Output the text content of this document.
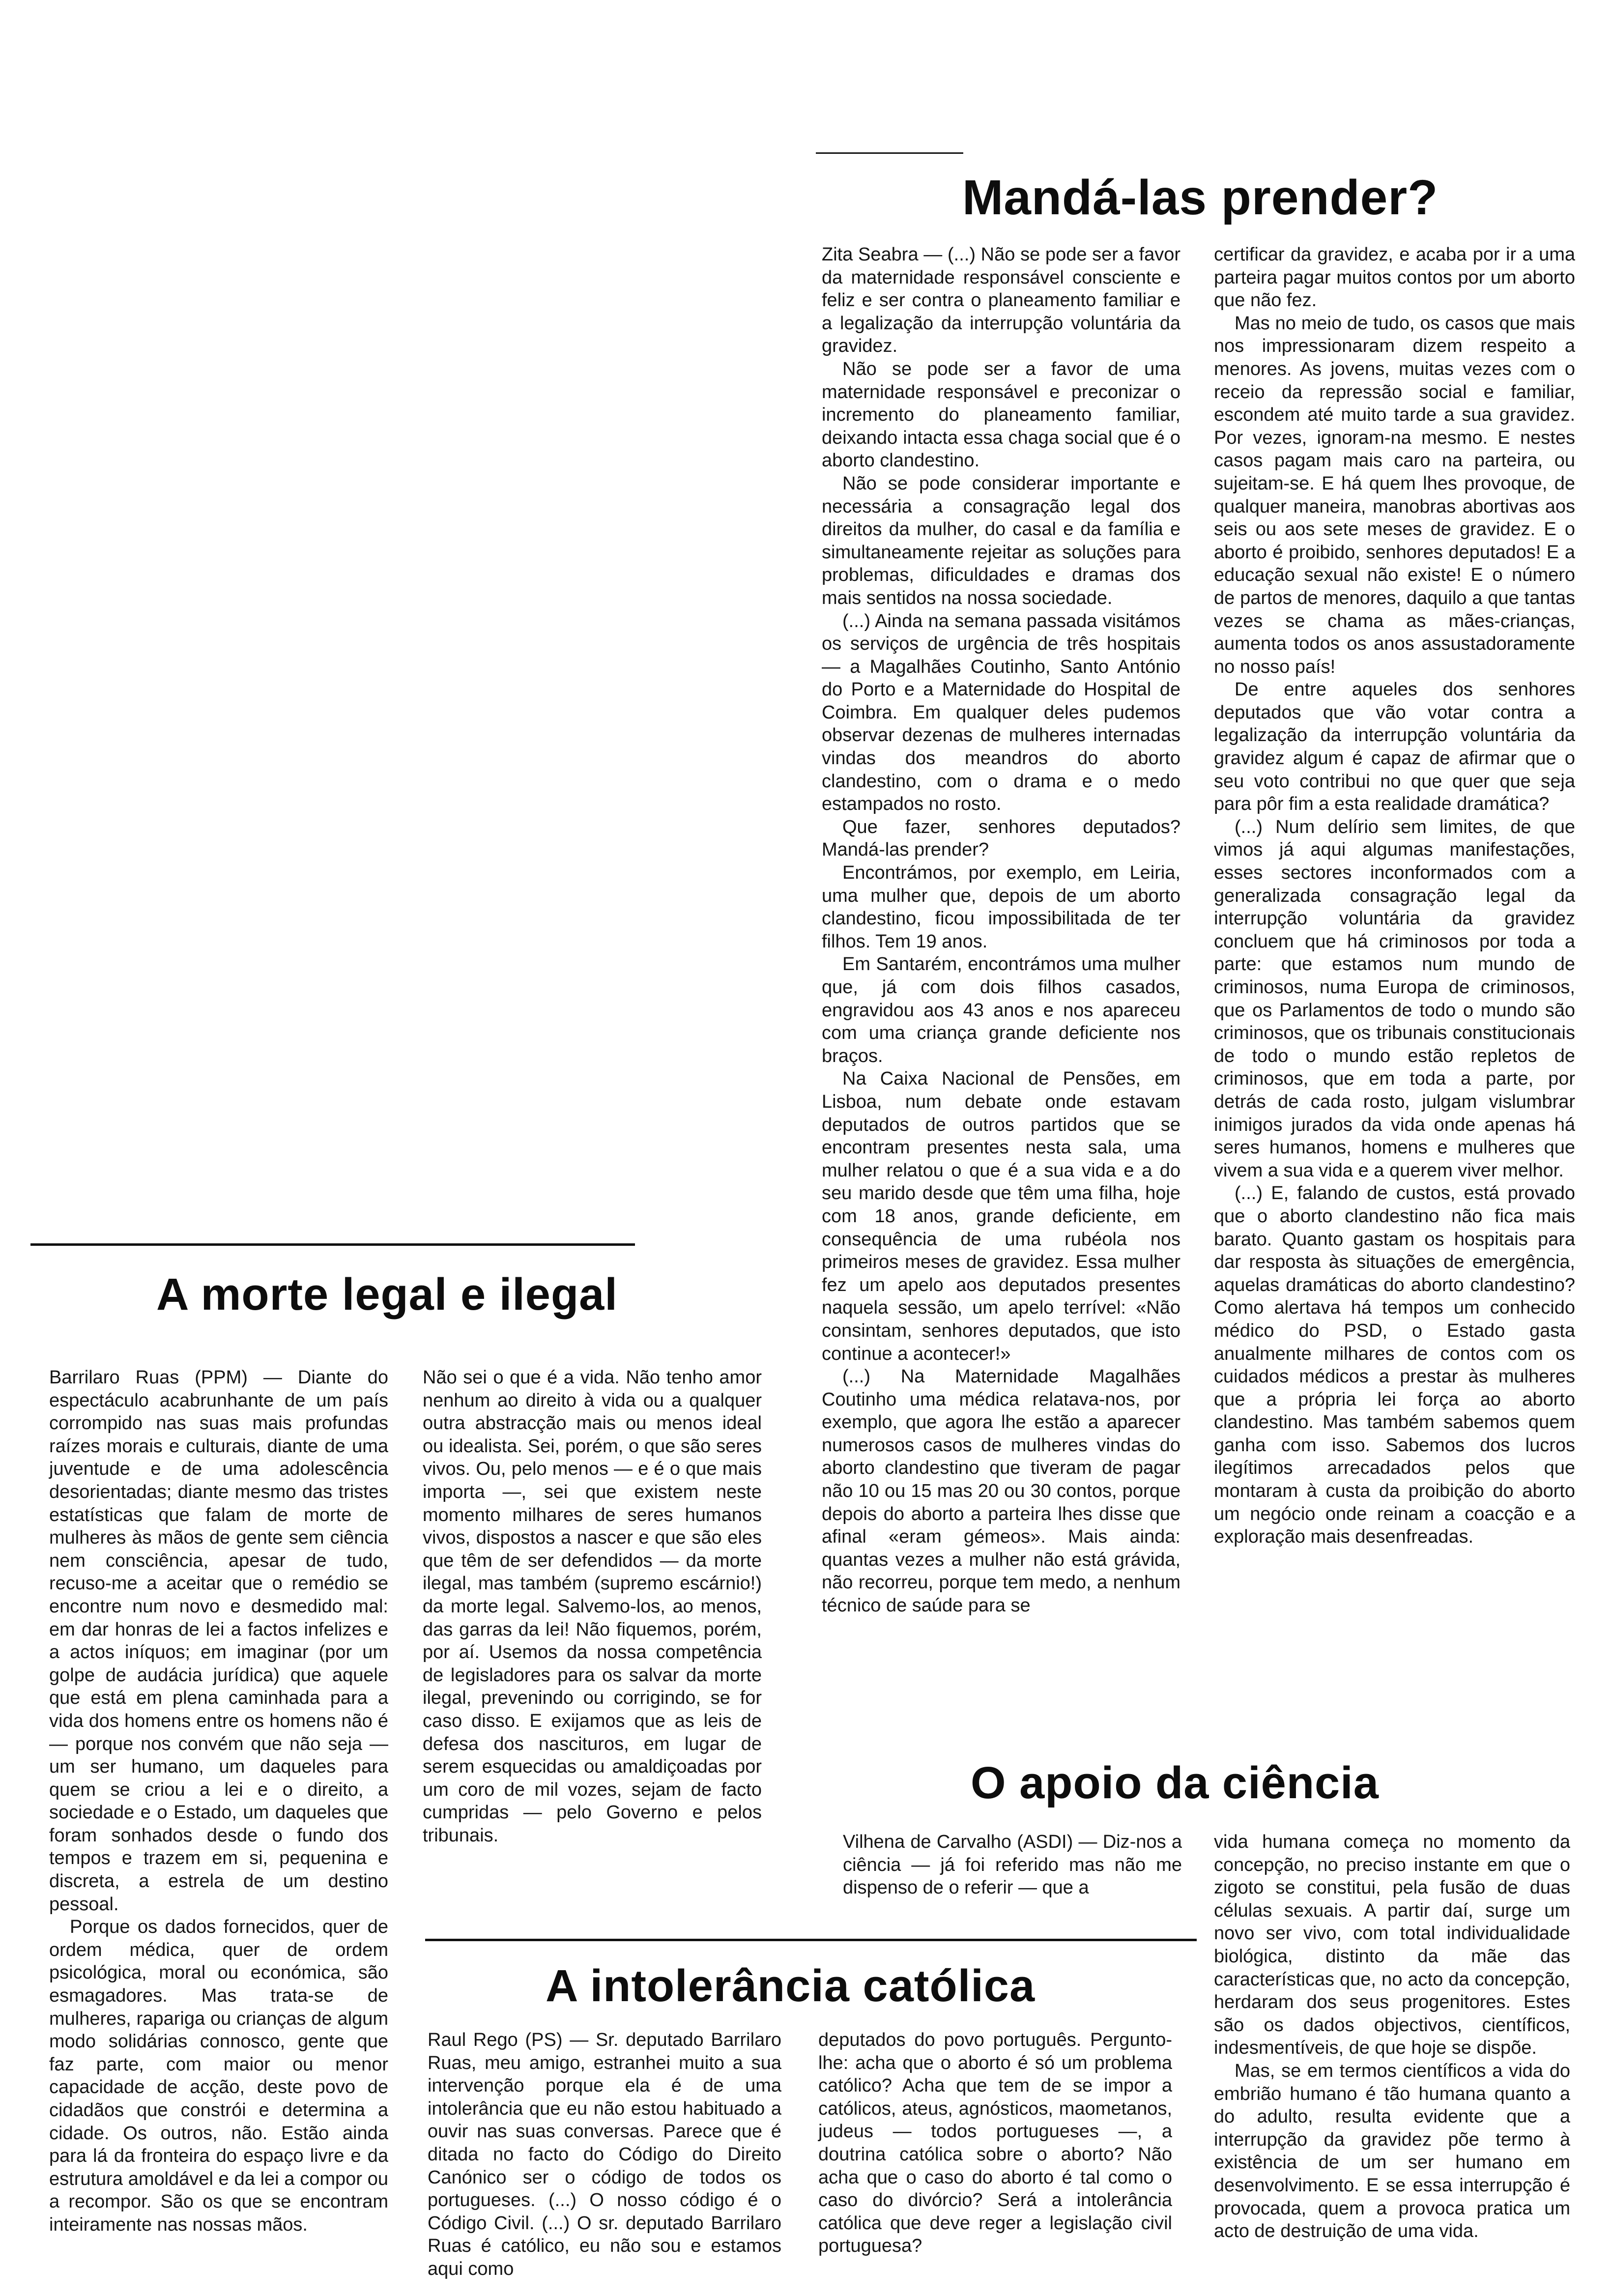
Mandá-las prender?

Zita Seabra — (...) Não se pode ser a favor da maternidade responsável consciente e feliz e ser contra o planeamento familiar e a legalização da interrupção voluntária da gravidez.

Não se pode ser a favor de uma maternidade responsável e preconizar o incremento do planeamento familiar, deixando intacta essa chaga social que é o aborto clandestino.

Não se pode considerar importante e necessária a consagração legal dos direitos da mulher, do casal e da família e simultaneamente rejeitar as soluções para problemas, dificuldades e dramas dos mais sentidos na nossa sociedade.

(...) Ainda na semana passada visitámos os serviços de urgência de três hospitais — a Magalhães Coutinho, Santo António do Porto e a Maternidade do Hospital de Coimbra. Em qualquer deles pudemos observar dezenas de mulheres internadas vindas dos meandros do aborto clandestino, com o drama e o medo estampados no rosto.

Que fazer, senhores deputados? Mandá-las prender?

Encontrámos, por exemplo, em Leiria, uma mulher que, depois de um aborto clandestino, ficou impossibilitada de ter filhos. Tem 19 anos.

Em Santarém, encontrámos uma mulher que, já com dois filhos casados, engravidou aos 43 anos e nos apareceu com uma criança grande deficiente nos braços.

Na Caixa Nacional de Pensões, em Lisboa, num debate onde estavam deputados de outros partidos que se encontram presentes nesta sala, uma mulher relatou o que é a sua vida e a do seu marido desde que têm uma filha, hoje com 18 anos, grande deficiente, em consequência de uma rubéola nos primeiros meses de gravidez. Essa mulher fez um apelo aos deputados presentes naquela sessão, um apelo terrível: «Não consintam, senhores deputados, que isto continue a acontecer!»

(...) Na Maternidade Magalhães Coutinho uma médica relatava-nos, por exemplo, que agora lhe estão a aparecer numerosos casos de mulheres vindas do aborto clandestino que tiveram de pagar não 10 ou 15 mas 20 ou 30 contos, porque depois do aborto a parteira lhes disse que afinal «eram gémeos». Mais ainda: quantas vezes a mulher não está grávida, não recorreu, porque tem medo, a nenhum técnico de saúde para se

certificar da gravidez, e acaba por ir a uma parteira pagar muitos contos por um aborto que não fez.

Mas no meio de tudo, os casos que mais nos impressionaram dizem respeito a menores. As jovens, muitas vezes com o receio da repressão social e familiar, escondem até muito tarde a sua gravidez. Por vezes, ignoram-na mesmo. E nestes casos pagam mais caro na parteira, ou sujeitam-se. E há quem lhes provoque, de qualquer maneira, manobras abortivas aos seis ou aos sete meses de gravidez. E o aborto é proibido, senhores deputados! E a educação sexual não existe! E o número de partos de menores, daquilo a que tantas vezes se chama as mães-crianças, aumenta todos os anos assustadoramente no nosso país!

De entre aqueles dos senhores deputados que vão votar contra a legalização da interrupção voluntária da gravidez algum é capaz de afirmar que o seu voto contribui no que quer que seja para pôr fim a esta realidade dramática?

(...) Num delírio sem limites, de que vimos já aqui algumas manifestações, esses sectores inconformados com a generalizada consagração legal da interrupção voluntária da gravidez concluem que há criminosos por toda a parte: que estamos num mundo de criminosos, numa Europa de criminosos, que os Parlamentos de todo o mundo são criminosos, que os tribunais constitucionais de todo o mundo estão repletos de criminosos, que em toda a parte, por detrás de cada rosto, julgam vislumbrar inimigos jurados da vida onde apenas há seres humanos, homens e mulheres que vivem a sua vida e a querem viver melhor.

(...) E, falando de custos, está provado que o aborto clandestino não fica mais barato. Quanto gastam os hospitais para dar resposta às situações de emergência, aquelas dramáticas do aborto clandestino? Como alertava há tempos um conhecido médico do PSD, o Estado gasta anualmente milhares de contos com os cuidados médicos a prestar às mulheres que a própria lei força ao aborto clandestino. Mas também sabemos quem ganha com isso. Sabemos dos lucros ilegítimos arrecadados pelos que montaram à custa da proibição do aborto um negócio onde reinam a coacção e a exploração mais desenfreadas.

A morte legal e ilegal

Barrilaro Ruas (PPM) — Diante do espectáculo acabrunhante de um país corrompido nas suas mais profundas raízes morais e culturais, diante de uma juventude e de uma adolescência desorientadas; diante mesmo das tristes estatísticas que falam de morte de mulheres às mãos de gente sem ciência nem consciência, apesar de tudo, recuso-me a aceitar que o remédio se encontre num novo e desmedido mal: em dar honras de lei a factos infelizes e a actos iníquos; em imaginar (por um golpe de audácia jurídica) que aquele que está em plena caminhada para a vida dos homens entre os homens não é — porque nos convém que não seja — um ser humano, um daqueles para quem se criou a lei e o direito, a sociedade e o Estado, um daqueles que foram sonhados desde o fundo dos tempos e trazem em si, pequenina e discreta, a estrela de um destino pessoal.

Porque os dados fornecidos, quer de ordem médica, quer de ordem psicológica, moral ou económica, são esmagadores. Mas trata-se de mulheres, rapariga ou crianças de algum modo solidárias connosco, gente que faz parte, com maior ou menor capacidade de acção, deste povo de cidadãos que constrói e determina a cidade. Os outros, não. Estão ainda para lá da fronteira do espaço livre e da estrutura amoldável e da lei a compor ou a recompor. São os que se encontram inteiramente nas nossas mãos.

Não sei o que é a vida. Não tenho amor nenhum ao direito à vida ou a qualquer outra abstracção mais ou menos ideal ou idealista. Sei, porém, o que são seres vivos. Ou, pelo menos — e é o que mais importa —, sei que existem neste momento milhares de seres humanos vivos, dispostos a nascer e que são eles que têm de ser defendidos — da morte ilegal, mas também (supremo escárnio!) da morte legal. Salvemo-los, ao menos, das garras da lei! Não fiquemos, porém, por aí. Usemos da nossa competência de legisladores para os salvar da morte ilegal, prevenindo ou corrigindo, se for caso disso. E exijamos que as leis de defesa dos nascituros, em lugar de serem esquecidas ou amaldiçoadas por um coro de mil vozes, sejam de facto cumpridas — pelo Governo e pelos tribunais.

O apoio da ciência

Vilhena de Carvalho (ASDI) — Diz-nos a ciência — já foi referido mas não me dispenso de o referir — que a

vida humana começa no momento da concepção, no preciso instante em que o zigoto se constitui, pela fusão de duas células sexuais. A partir daí, surge um novo ser vivo, com total individualidade biológica, distinto da mãe das características que, no acto da concepção, herdaram dos seus progenitores. Estes são os dados objectivos, científicos, indesmentíveis, de que hoje se dispõe.

Mas, se em termos científicos a vida do embrião humano é tão humana quanto a do adulto, resulta evidente que a interrupção da gravidez põe termo à existência de um ser humano em desenvolvimento. E se essa interrupção é provocada, quem a provoca pratica um acto de destruição de uma vida.

A intolerância católica

Raul Rego (PS) — Sr. deputado Barrilaro Ruas, meu amigo, estranhei muito a sua intervenção porque ela é de uma intolerância que eu não estou habituado a ouvir nas suas conversas. Parece que é ditada no facto do Código do Direito Canónico ser o código de todos os portugueses. (...) O nosso código é o Código Civil. (...) O sr. deputado Barrilaro Ruas é católico, eu não sou e estamos aqui como

deputados do povo português. Pergunto-lhe: acha que o aborto é só um problema católico? Acha que tem de se impor a católicos, ateus, agnósticos, maometanos, judeus — todos portugueses —, a doutrina católica sobre o aborto? Não acha que o caso do aborto é tal como o caso do divórcio? Será a intolerância católica que deve reger a legislação civil portuguesa?
